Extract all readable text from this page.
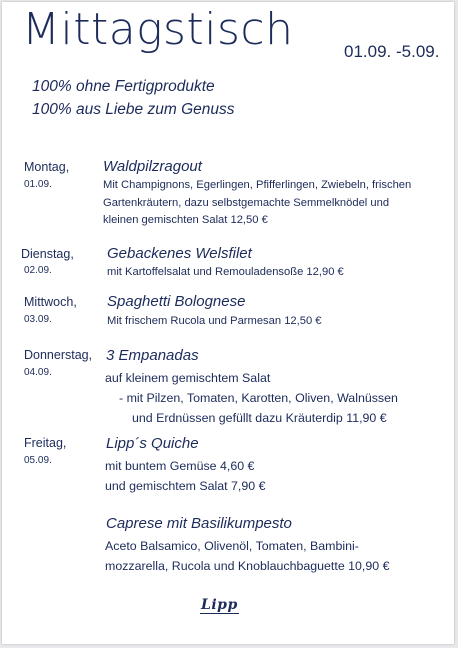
Mittagstisch	01.09. -5.09.
100% ohne Fertigprodukte
100% aus Liebe zum Genuss
Montag,
01.09.
Waldpilzragout
Mit Champignons, Egerlingen, Pfifferlingen, Zwiebeln, frischen
Gartenkräutern, dazu selbstgemachte Semmelknödel und
kleinen gemischten Salat 12,50 €
Dienstag,
02.09.
Gebackenes Welsfilet
mit Kartoffelsalat und Remouladensoße 12,90 €
Mittwoch,
03.09.
Spaghetti Bolognese
Mit frischem Rucola und Parmesan 12,50 €
Donnerstag,
04.09.
3 Empanadas
auf kleinem gemischtem Salat
- mit Pilzen, Tomaten, Karotten, Oliven, Walnüssen
und Erdnüssen gefüllt dazu Kräuterdip 11,90 €
Freitag,
05.09.
Lipp´s Quiche
mit buntem Gemüse 4,60 €
und gemischtem Salat 7,90 €
Caprese mit Basilikumpesto
Aceto Balsamico, Olivenöl, Tomaten, Bambini-
mozzarella, Rucola und Knoblauchbaguette 10,90 €
Lipp
